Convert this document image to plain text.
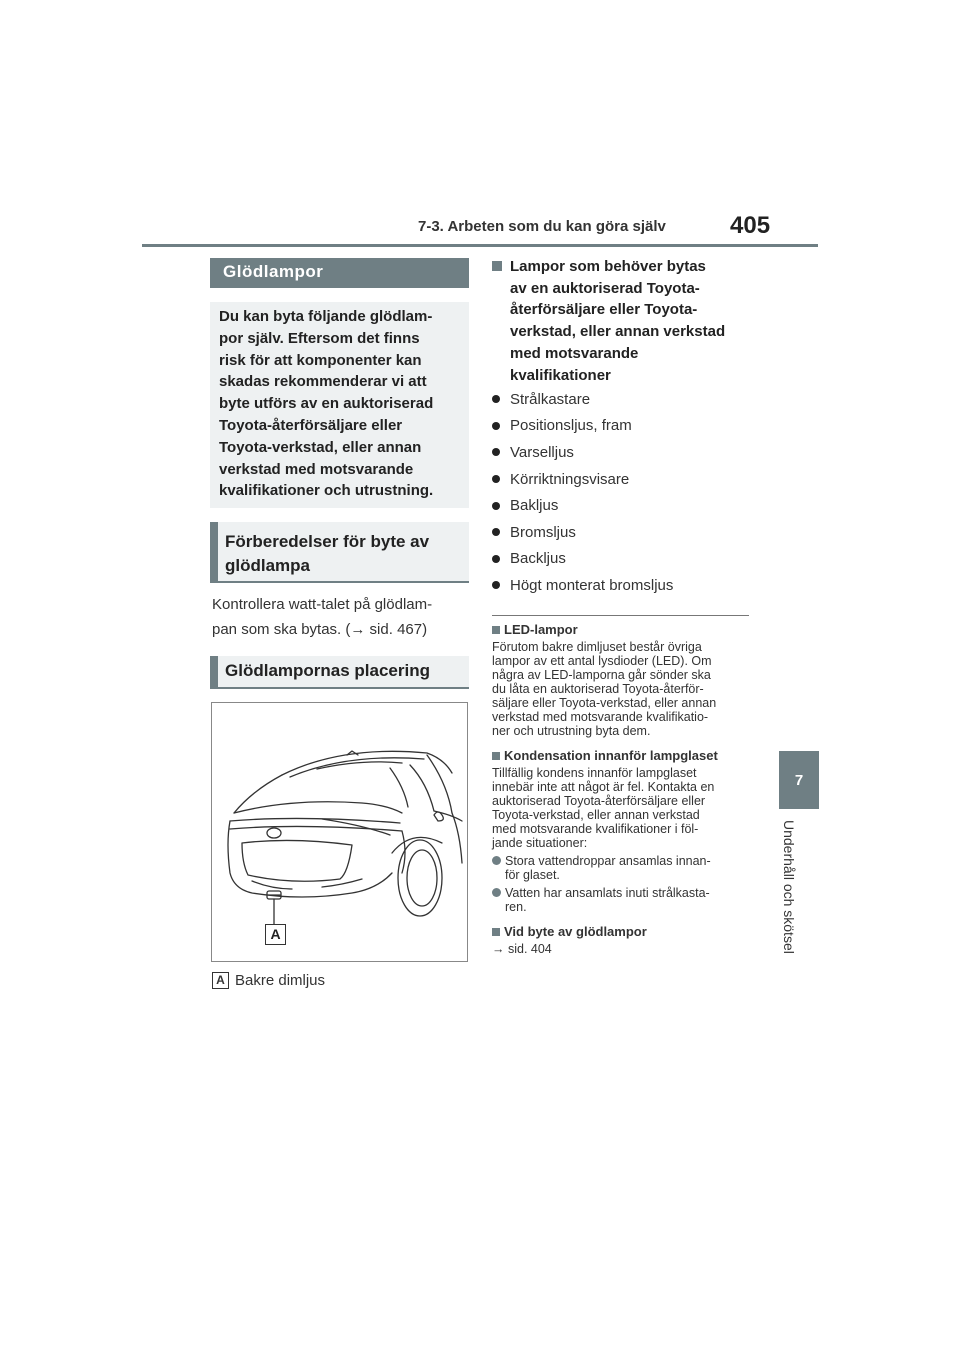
7-3. Arbeten som du kan göra själv	405
7
Underhåll och skötsel
Glödlampor
Du kan byta följande glödlam-
por själv. Eftersom det finns
risk för att komponenter kan
skadas rekommenderar vi att
byte utförs av en auktoriserad
Toyota-återförsäljare eller
Toyota-verkstad, eller annan
verkstad med motsvarande
kvalifikationer och utrustning.
Förberedelser för byte av
glödlampa
Kontrollera watt-talet på glödlam-
pan som ska bytas. (→ sid. 467)
Glödlampornas placering
A
A Bakre dimljus
Lampor som behöver bytas
av en auktoriserad Toyota-
återförsäljare eller Toyota-
verkstad, eller annan verkstad
med motsvarande
kvalifikationer
Strålkastare
Positionsljus, fram
Varselljus
Körriktningsvisare
Bakljus
Bromsljus
Backljus
Högt monterat bromsljus
LED-lampor
Förutom bakre dimljuset består övriga
lampor av ett antal lysdioder (LED). Om
några av LED-lamporna går sönder ska
du låta en auktoriserad Toyota-återför-
säljare eller Toyota-verkstad, eller annan
verkstad med motsvarande kvalifikatio-
ner och utrustning byta dem.
Kondensation innanför lampglaset
Tillfällig kondens innanför lampglaset
innebär inte att något är fel. Kontakta en
auktoriserad Toyota-återförsäljare eller
Toyota-verkstad, eller annan verkstad
med motsvarande kvalifikationer i föl-
jande situationer:
Stora vattendroppar ansamlas innan-
för glaset.
Vatten har ansamlats inuti strålkasta-
ren.
Vid byte av glödlampor
→ sid. 404
